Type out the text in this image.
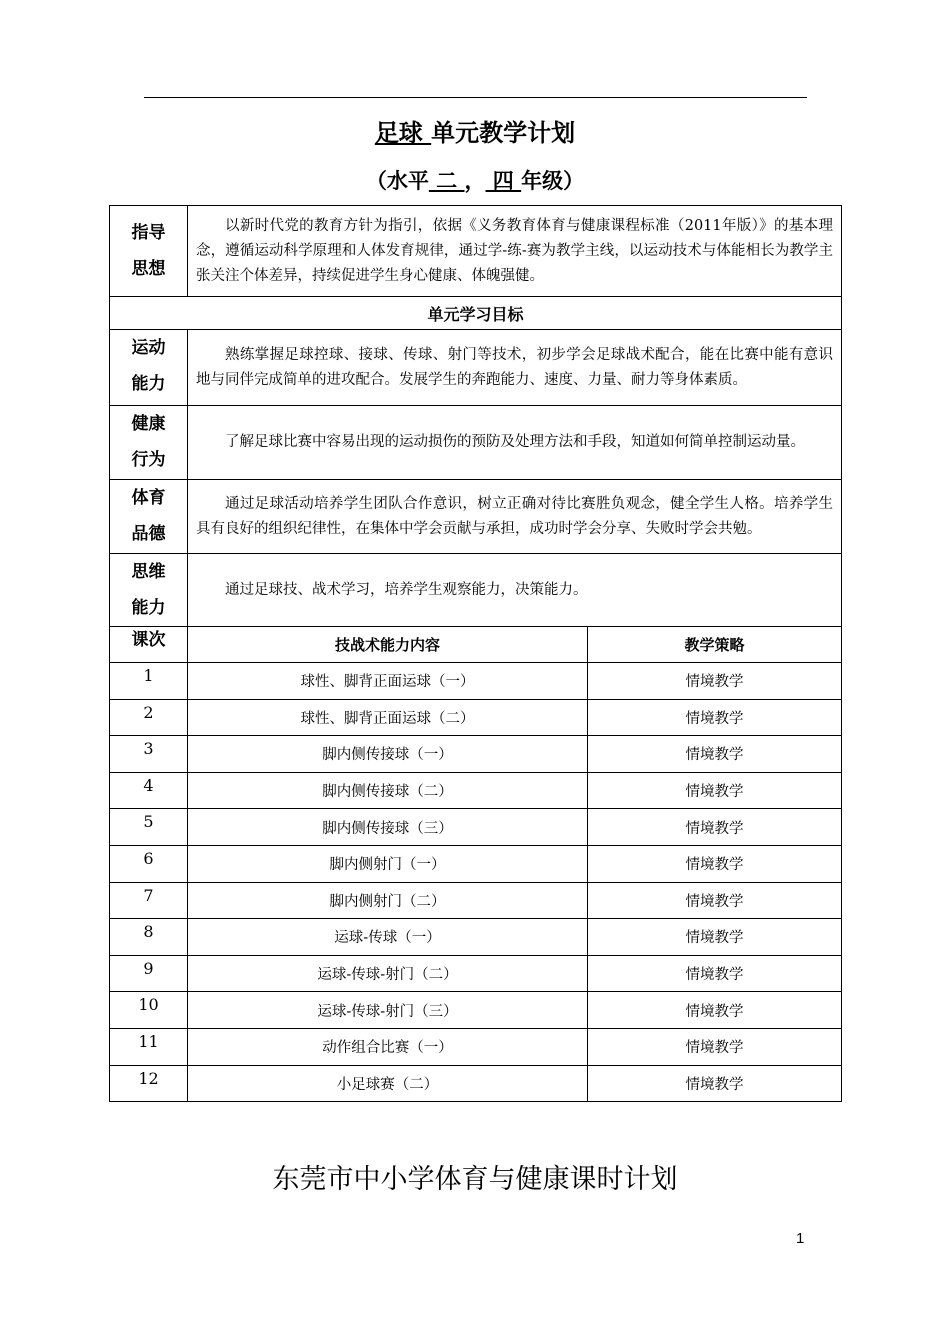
足球 单元教学计划
（水平 二 ， 四 年级）
指导
思想	以新时代党的教育方针为指引，依据《义务教育体育与健康课程标准（2011年版）》的基本理念，遵循运动科学原理和人体发育规律，通过学-练-赛为教学主线，以运动技术与体能相长为教学主张关注个体差异，持续促进学生身心健康、体魄强健。	
单元学习目标		

运动
能力	熟练掌握足球控球、接球、传球、射门等技术，初步学会足球战术配合，能在比赛中能有意识地与同伴完成简单的进攻配合。发展学生的奔跑能力、速度、力量、耐力等身体素质。	

健康
行为	了解足球比赛中容易出现的运动损伤的预防及处理方法和手段，知道如何简单控制运动量。	

体育
品德	通过足球活动培养学生团队合作意识，树立正确对待比赛胜负观念，健全学生人格。培养学生具有良好的组织纪律性，在集体中学会贡献与承担，成功时学会分享、失败时学会共勉。	

思维
能力	通过足球技、战术学习，培养学生观察能力，决策能力。	
课次	技战术能力内容	教学策略
1	球性、脚背正面运球（一）	情境教学
2	球性、脚背正面运球（二）	情境教学
3	脚内侧传接球（一）	情境教学
4	脚内侧传接球（二）	情境教学
5	脚内侧传接球（三）	情境教学
6	脚内侧射门（一）	情境教学
7	脚内侧射门（二）	情境教学
8	运球-传球（一）	情境教学
9	运球-传球-射门（二）	情境教学
10	运球-传球-射门（三）	情境教学
11	动作组合比赛（一）	情境教学
12	小足球赛（二）	情境教学
东莞市中小学体育与健康课时计划
1
